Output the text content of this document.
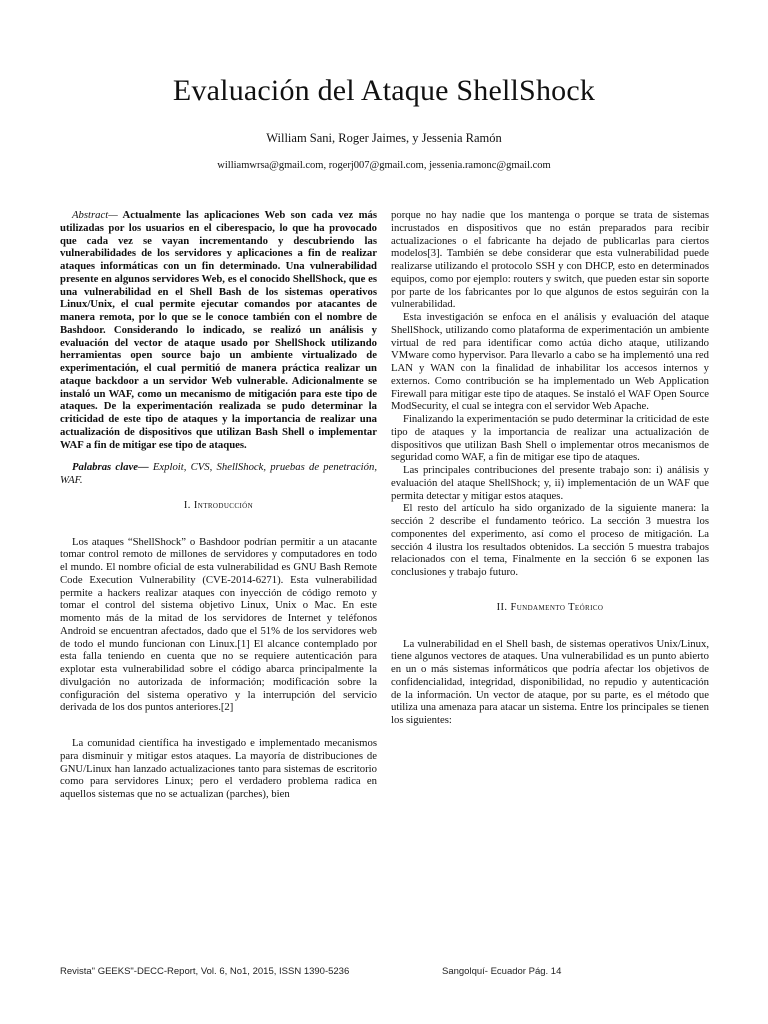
Evaluación del Ataque ShellShock
William Sani, Roger Jaimes, y Jessenia Ramón
williamwrsa@gmail.com, rogerj007@gmail.com, jessenia.ramonc@gmail.com

Abstract— Actualmente las aplicaciones Web son cada vez más utilizadas por los usuarios en el ciberespacio, lo que ha provocado que cada vez se vayan incrementando y descubriendo las vulnerabilidades de los servidores y aplicaciones a fin de realizar ataques informáticas con un fin determinado. Una vulnerabilidad presente en algunos servidores Web, es el conocido ShellShock, que es una vulnerabilidad en el Shell Bash de los sistemas operativos Linux/Unix, el cual permite ejecutar comandos por atacantes de manera remota, por lo que se le conoce también con el nombre de Bashdoor. Considerando lo indicado, se realizó un análisis y evaluación del vector de ataque usado por ShellShock utilizando herramientas open source bajo un ambiente virtualizado de experimentación, el cual permitió de manera práctica realizar un ataque backdoor a un servidor Web vulnerable. Adicionalmente se instaló un WAF, como un mecanismo de mitigación para este tipo de ataques. De la experimentación realizada se pudo determinar la criticidad de este tipo de ataques y la importancia de realizar una actualización de dispositivos que utilizan Bash Shell o implementar WAF a fin de mitigar ese tipo de ataques.

Palabras clave— Exploit, CVS, ShellShock, pruebas de penetración, WAF.

I. Introducción

Los ataques “ShellShock” o Bashdoor podrían permitir a un atacante tomar control remoto de millones de servidores y computadores en todo el mundo. El nombre oficial de esta vulnerabilidad es GNU Bash Remote Code Execution Vulnerability (CVE-2014-6271). Esta vulnerabilidad permite a hackers realizar ataques con inyección de código remoto y tomar el control del sistema objetivo Linux, Unix o Mac. En este momento más de la mitad de los servidores de Internet y teléfonos Android se encuentran afectados, dado que el 51% de los servidores web de todo el mundo funcionan con Linux.[1] El alcance contemplado por esta falla teniendo en cuenta que no se requiere autenticación para explotar esta vulnerabilidad sobre el código abarca principalmente la divulgación no autorizada de información; modificación sobre la configuración del sistema operativo y la interrupción del servicio derivada de los dos puntos anteriores.[2]

La comunidad científica ha investigado e implementado mecanismos para disminuir y mitigar estos ataques. La mayoría de distribuciones de GNU/Linux han lanzado actualizaciones tanto para sistemas de escritorio como para servidores Linux; pero el verdadero problema radica en aquellos sistemas que no se actualizan (parches), bien

porque no hay nadie que los mantenga o porque se trata de sistemas incrustados en dispositivos que no están preparados para recibir actualizaciones o el fabricante ha dejado de publicarlas para ciertos modelos[3]. También se debe considerar que esta vulnerabilidad puede realizarse utilizando el protocolo SSH y con DHCP, esto en determinados equipos, como por ejemplo: routers y switch, que pueden estar sin soporte por parte de los fabricantes por lo que algunos de estos seguirán con la vulnerabilidad.

Esta investigación se enfoca en el análisis y evaluación del ataque ShellShock, utilizando como plataforma de experimentación un ambiente virtual de red para identificar como actúa dicho ataque, utilizando VMware como hypervisor. Para llevarlo a cabo se ha implementó una red LAN y WAN con la finalidad de inhabilitar los accesos internos y externos. Como contribución se ha implementado un Web Application Firewall para mitigar este tipo de ataques. Se instaló el WAF Open Source ModSecurity, el cual se integra con el servidor Web Apache.

Finalizando la experimentación se pudo determinar la criticidad de este tipo de ataques y la importancia de realizar una actualización de dispositivos que utilizan Bash Shell o implementar otros mecanismos de seguridad como WAF, a fin de mitigar ese tipo de ataques.

Las principales contribuciones del presente trabajo son: i) análisis y evaluación del ataque ShellShock; y, ii) implementación de un WAF que permita detectar y mitigar estos ataques.

El resto del artículo ha sido organizado de la siguiente manera: la sección 2 describe el fundamento teórico. La sección 3 muestra los componentes del experimento, así como el proceso de mitigación. La sección 4 ilustra los resultados obtenidos. La sección 5 muestra trabajos relacionados con el tema, Finalmente en la sección 6 se exponen las conclusiones y trabajo futuro.

II. Fundamento Teórico

La vulnerabilidad en el Shell bash, de sistemas operativos Unix/Linux, tiene algunos vectores de ataques. Una vulnerabilidad es un punto abierto en un o más sistemas informáticos que podría afectar los objetivos de confidencialidad, integridad, disponibilidad, no repudio y autenticación de la información. Un vector de ataque, por su parte, es el método que utiliza una amenaza para atacar un sistema. Entre los principales se tienen los siguientes:

Revista" GEEKS"-DECC-Report, Vol. 6, No1, 2015, ISSN 1390-5236	Sangolquí- Ecuador Pág. 14
